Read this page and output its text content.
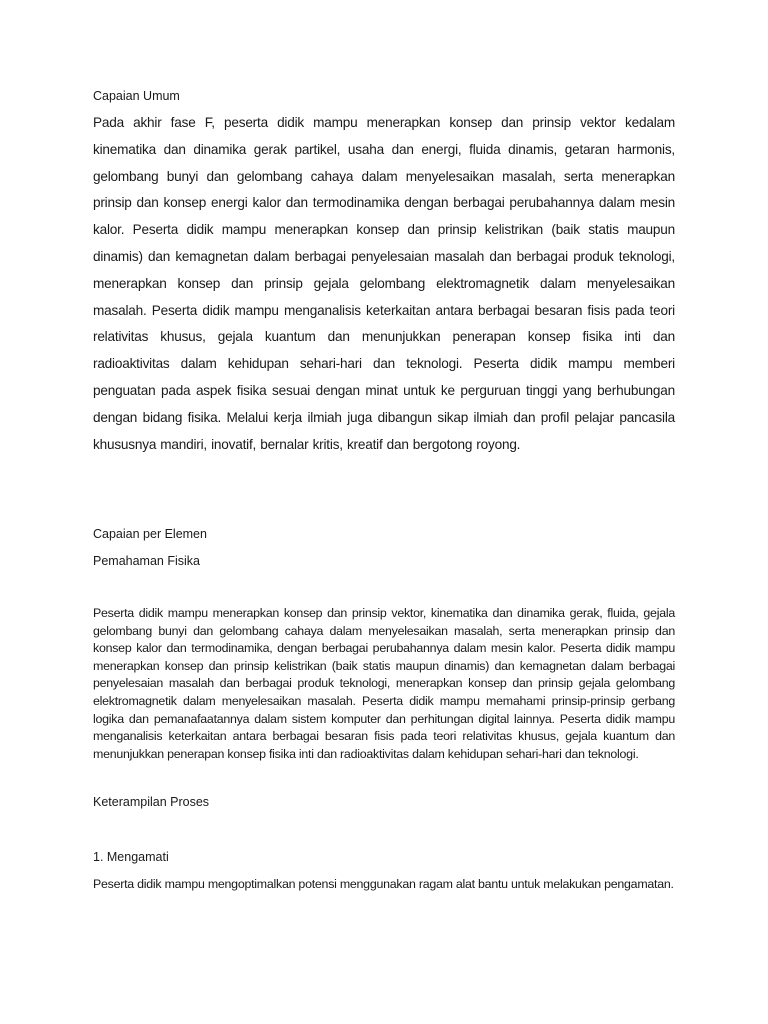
Capaian Umum
Pada akhir fase F, peserta didik mampu menerapkan konsep dan prinsip vektor kedalam kinematika dan dinamika gerak partikel, usaha dan energi, fluida dinamis, getaran harmonis, gelombang bunyi dan gelombang cahaya dalam menyelesaikan masalah, serta menerapkan prinsip dan konsep energi kalor dan termodinamika dengan berbagai perubahannya dalam mesin kalor. Peserta didik mampu menerapkan konsep dan prinsip kelistrikan (baik statis maupun dinamis) dan kemagnetan dalam berbagai penyelesaian masalah dan berbagai produk teknologi, menerapkan konsep dan prinsip gejala gelombang elektromagnetik dalam menyelesaikan masalah. Peserta didik mampu menganalisis keterkaitan antara berbagai besaran fisis pada teori relativitas khusus, gejala kuantum dan menunjukkan penerapan konsep fisika inti dan radioaktivitas dalam kehidupan sehari-hari dan teknologi. Peserta didik mampu memberi penguatan pada aspek fisika sesuai dengan minat untuk ke perguruan tinggi yang berhubungan dengan bidang fisika. Melalui kerja ilmiah juga dibangun sikap ilmiah dan profil pelajar pancasila khususnya mandiri, inovatif, bernalar kritis, kreatif dan bergotong royong.
Capaian per Elemen
Pemahaman Fisika
Peserta didik mampu menerapkan konsep dan prinsip vektor, kinematika dan dinamika gerak, fluida, gejala gelombang bunyi dan gelombang cahaya dalam menyelesaikan masalah, serta menerapkan prinsip dan konsep kalor dan termodinamika, dengan berbagai perubahannya dalam mesin kalor. Peserta didik mampu menerapkan konsep dan prinsip kelistrikan (baik statis maupun dinamis) dan kemagnetan dalam berbagai penyelesaian masalah dan berbagai produk teknologi, menerapkan konsep dan prinsip gejala gelombang elektromagnetik dalam menyelesaikan masalah. Peserta didik mampu memahami prinsip-prinsip gerbang logika dan pemanafaatannya dalam sistem komputer dan perhitungan digital lainnya. Peserta didik mampu menganalisis keterkaitan antara berbagai besaran fisis pada teori relativitas khusus, gejala kuantum dan menunjukkan penerapan konsep fisika inti dan radioaktivitas dalam kehidupan sehari-hari dan teknologi.
Keterampilan Proses
1. Mengamati
Peserta didik mampu mengoptimalkan potensi menggunakan ragam alat bantu untuk melakukan pengamatan.
